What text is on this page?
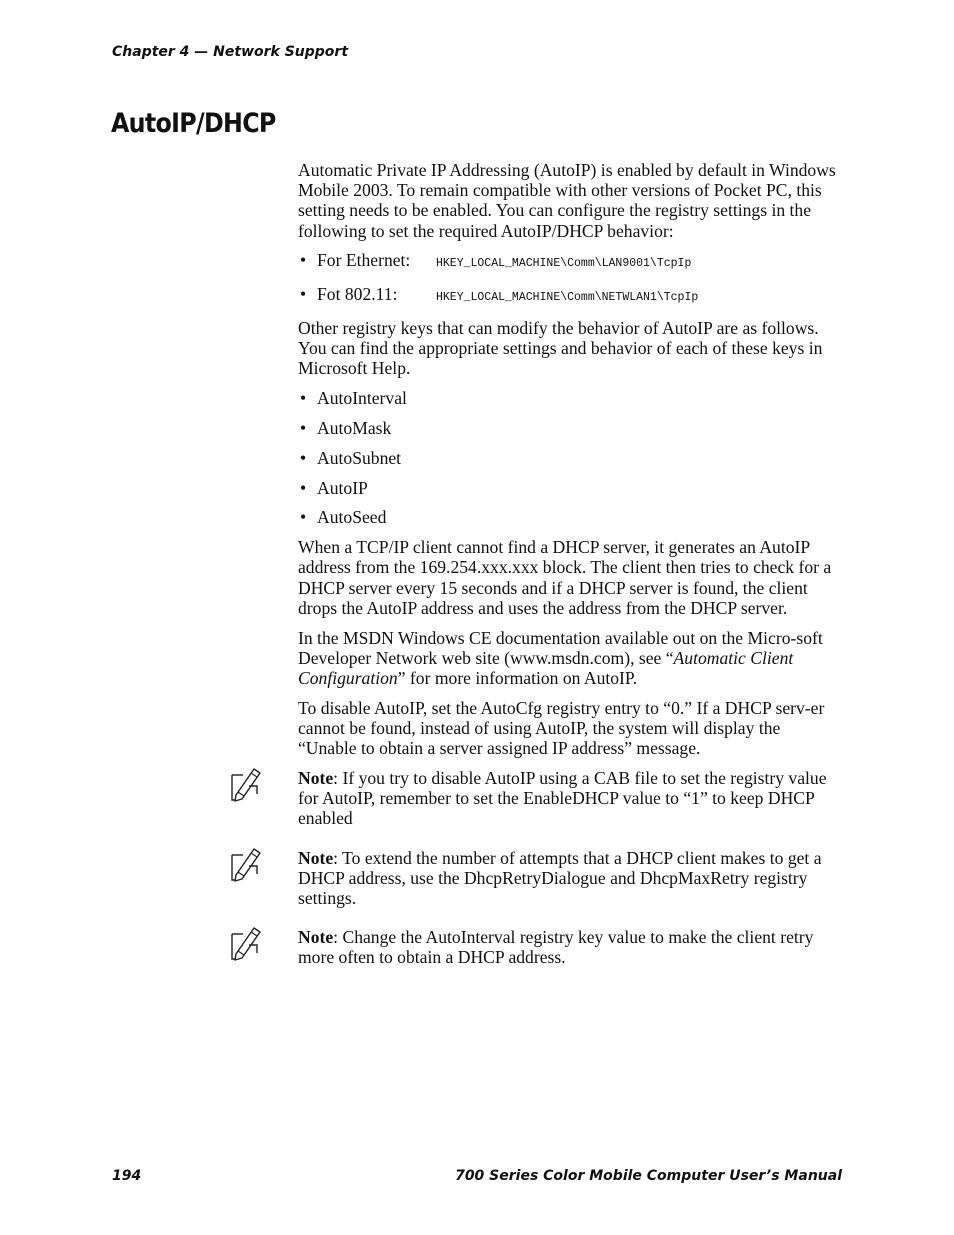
Chapter 4 — Network Support
AutoIP/DHCP

Automatic Private IP Addressing (AutoIP) is enabled by default in Windows Mobile 2003. To remain compatible with other versions of Pocket PC, this setting needs to be enabled. You can configure the registry settings in the following to set the required AutoIP/DHCP behavior:

• For Ethernet: HKEY_LOCAL_MACHINE\Comm\LAN9001\TcpIp
• Fot 802.11:	HKEY_LOCAL_MACHINE\Comm\NETWLAN1\TcpIp

Other registry keys that can modify the behavior of AutoIP are as follows. You can find the appropriate settings and behavior of each of these keys in Microsoft Help.

• AutoInterval
• AutoMask
• AutoSubnet
• AutoIP
• AutoSeed

When a TCP/IP client cannot find a DHCP server, it generates an AutoIP address from the 169.254.xxx.xxx block. The client then tries to check for a DHCP server every 15 seconds and if a DHCP server is found, the client drops the AutoIP address and uses the address from the DHCP server.

In the MSDN Windows CE documentation available out on the Micro-soft Developer Network web site (www.msdn.com), see “Automatic Client Configuration” for more information on AutoIP.

To disable AutoIP, set the AutoCfg registry entry to “0.” If a DHCP serv-er cannot be found, instead of using AutoIP, the system will display the “Unable to obtain a server assigned IP address” message.

Note: If you try to disable AutoIP using a CAB file to set the registry value for AutoIP, remember to set the EnableDHCP value to “1” to keep DHCP enabled
Note: To extend the number of attempts that a DHCP client makes to get a DHCP address, use the DhcpRetryDialogue and DhcpMaxRetry registry settings.
Note: Change the AutoInterval registry key value to make the client retry more often to obtain a DHCP address.
194	700 Series Color Mobile Computer User’s Manual
